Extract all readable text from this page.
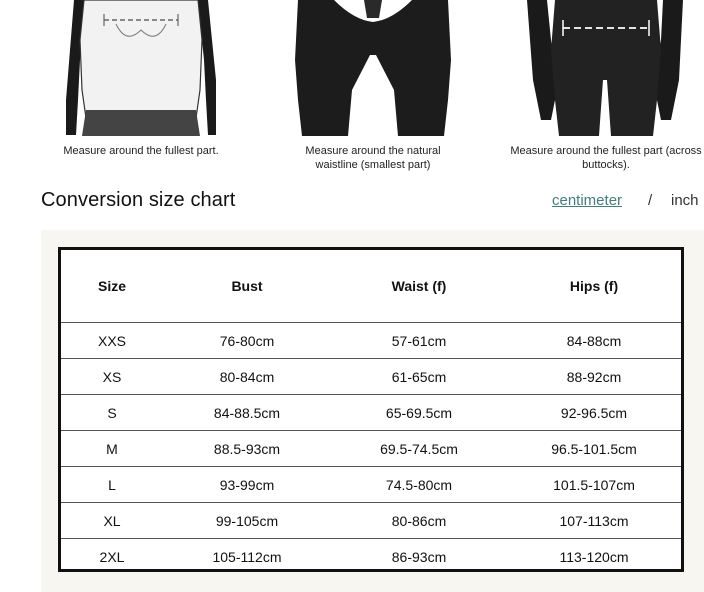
Measure around the fullest part.	Measure around the natural waistline (smallest part)
Measure around the fullest part (across buttocks).
Conversion size chart	centimeter / inch
Size	Bust	Waist (f)	Hips (f)
XXS	76-80cm	57-61cm	84-88cm
XS	80-84cm	61-65cm	88-92cm
S	84-88.5cm	65-69.5cm	92-96.5cm
M	88.5-93cm	69.5-74.5cm	96.5-101.5cm
L	93-99cm	74.5-80cm	101.5-107cm
XL	99-105cm	80-86cm	107-113cm
2XL	105-112cm	86-93cm	113-120cm
